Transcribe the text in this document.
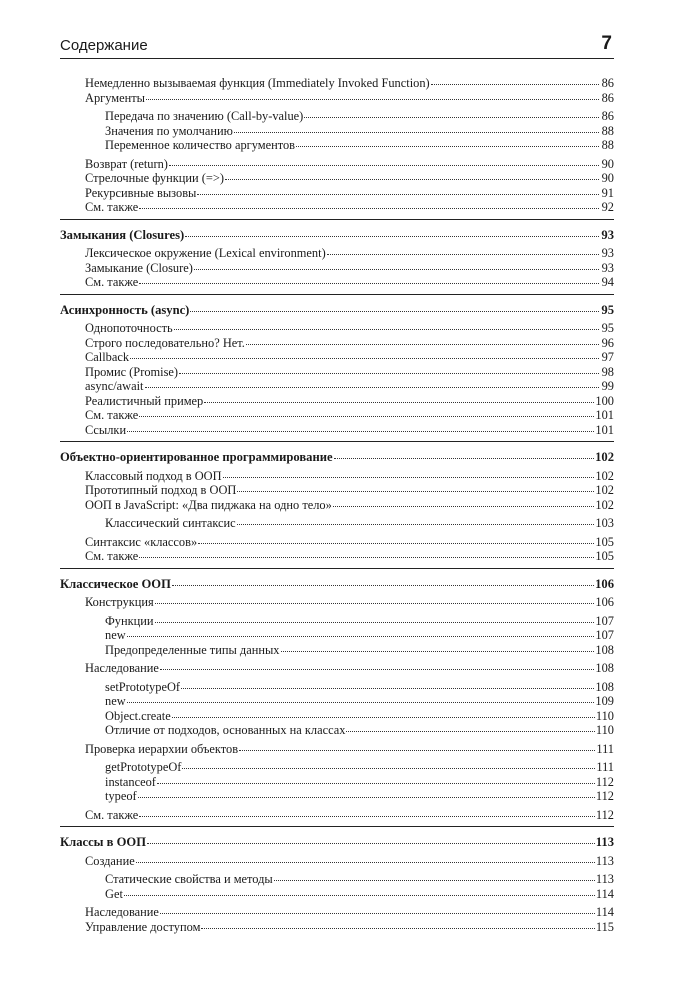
Содержание	7
Немедленно вызываемая функция (Immediately Invoked Function)	86
Аргументы	86
Передача по значению (Call-by-value)	86
Значения по умолчанию	88
Переменное количество аргументов	88
Возврат (return)	90
Стрелочные функции (=>)	90
Рекурсивные вызовы	91
См. также	92
Замыкания (Closures)	93
Лексическое окружение (Lexical environment)	93
Замыкание (Closure)	93
См. также	94
Асинхронность (async)	95
Однопоточность	95
Строго последовательно? Нет.	96
Callback	97
Промис (Promise)	98
async/await	99
Реалистичный пример	100
См. также	101
Ссылки	101
Объектно-ориентированное программирование	102
Классовый подход в ООП	102
Прототипный подход в ООП	102
ООП в JavaScript: «Два пиджака на одно тело»	102
Классический синтаксис	103
Синтаксис «классов»	105
См. также	105
Классическое ООП	106
Конструкция	106
Функции	107
new	107
Предопределенные типы данных	108
Наследование	108
setPrototypeOf	108
new	109
Object.create	110
Отличие от подходов, основанных на классах	110
Проверка иерархии объектов	111
getPrototypeOf	111
instanceof	112
typeof	112
См. также	112
Классы в ООП	113
Создание	113
Статические свойства и методы	113
Get	114
Наследование	114
Управление доступом	115
